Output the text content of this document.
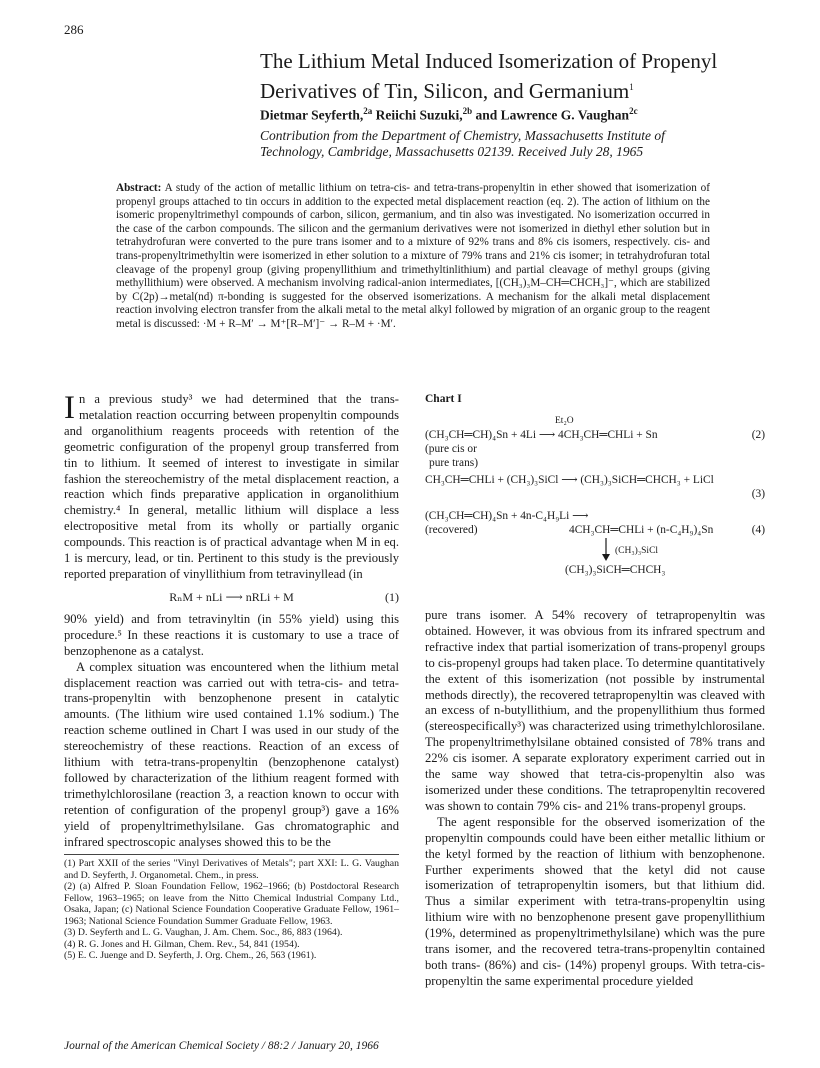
286
The Lithium Metal Induced Isomerization of Propenyl Derivatives of Tin, Silicon, and Germanium$^1$
Dietmar Seyferth,$^{2a}$ Reiichi Suzuki,$^{2b}$ and Lawrence G. Vaughan$^{2c}$
Contribution from the Department of Chemistry, Massachusetts Institute of
Technology, Cambridge, Massachusetts 02139. Received July 28, 1965

Abstract: A study of the action of metallic lithium on tetra-cis- and tetra-trans-propenyltin in ether showed that isomerization of propenyl groups attached to tin occurs in addition to the expected metal displacement reaction (eq. 2). The action of lithium on the isomeric propenyltrimethyl compounds of carbon, silicon, germanium, and tin also was investigated. No isomerization occurred in the case of the carbon compounds. The silicon and the germanium derivatives were not isomerized in diethyl ether solution but in tetrahydrofuran were converted to the pure trans isomer and to a mixture of 92% trans and 8% cis isomers, respectively. cis- and trans-propenyltrimethyltin were isomerized in ether solution to a mixture of 79% trans and 21% cis isomer; in tetrahydrofuran total cleavage of the propenyl group (giving propenyllithium and trimethyltinlithium) and partial cleavage of methyl groups (giving methyllithium) were observed. A mechanism involving radical-anion intermediates, [(CH₃)₃M–CH═CHCH₃]⁻, which are stabilized by C(2p)→metal(nd) π-bonding is suggested for the observed isomerizations. A mechanism for the alkali metal displacement reaction involving electron transfer from the alkali metal to the metal alkyl followed by migration of an organic group to the reagent metal is discussed: ·M + R–M′ → M⁺[R–M′]⁻ → R–M + ·M′.

In a previous study³ we had determined that the trans-metalation reaction occurring between propenyltin compounds and organolithium reagents proceeds with retention of the geometric configuration of the propenyl group transferred from tin to lithium. It seemed of interest to investigate in similar fashion the stereochemistry of the metal displacement reaction, a reaction which finds preparative application in organolithium chemistry.⁴ In general, metallic lithium will displace a less electropositive metal from its wholly or partially organic compounds. This reaction is of practical advantage when M in eq. 1 is mercury, lead, or tin. Pertinent to this study is the previously reported preparation of vinyllithium from tetravinyllead (in

RₙM + nLi ⟶ nRLi + M	(1)

90% yield) and from tetravinyltin (in 55% yield) using this procedure.⁵ In these reactions it is customary to use a trace of benzophenone as a catalyst.

A complex situation was encountered when the lithium metal displacement reaction was carried out with tetra-cis- and tetra-trans-propenyltin with benzophenone present in catalytic amounts. (The lithium wire used contained 1.1% sodium.) The reaction scheme outlined in Chart I was used in our study of the stereochemistry of these reactions. Reaction of an excess of lithium with tetra-trans-propenyltin (benzophenone catalyst) followed by characterization of the lithium reagent formed with trimethylchlorosilane (reaction 3, a reaction known to occur with retention of configuration of the propenyl group³) gave a 16% yield of propenyltrimethylsilane. Gas chromatographic and infrared spectroscopic analyses showed this to be the

(1) Part XXII of the series "Vinyl Derivatives of Metals"; part XXI: L. G. Vaughan and D. Seyferth, J. Organometal. Chem., in press.
(2) (a) Alfred P. Sloan Foundation Fellow, 1962–1966; (b) Postdoctoral Research Fellow, 1963–1965; on leave from the Nitto Chemical Industrial Company Ltd., Osaka, Japan; (c) National Science Foundation Cooperative Graduate Fellow, 1961–1963; National Science Foundation Summer Graduate Fellow, 1963.
(3) D. Seyferth and L. G. Vaughan, J. Am. Chem. Soc., 86, 883 (1964).
(4) R. G. Jones and H. Gilman, Chem. Rev., 54, 841 (1954).
(5) E. C. Juenge and D. Seyferth, J. Org. Chem., 26, 563 (1961).
Chart I
Et₂O
(CH₃CH═CH)₄Sn + 4Li ⟶ 4CH₃CH═CHLi + Sn	(2)
(pure cis or
pure trans)
CH₃CH═CHLi + (CH₃)₃SiCl ⟶ (CH₃)₃SiCH═CHCH₃ + LiCl
(3)
(CH₃CH═CH)₄Sn + 4n-C₄H₉Li ⟶
(recovered)	4CH₃CH═CHLi + (n-C₄H₉)₄Sn	(4)
(CH₃)₃SiCl
(CH₃)₃SiCH═CHCH₃

pure trans isomer. A 54% recovery of tetrapropenyltin was obtained. However, it was obvious from its infrared spectrum and refractive index that partial isomerization of trans-propenyl groups to cis-propenyl groups had taken place. To determine quantitatively the extent of this isomerization (not possible by instrumental methods directly), the recovered tetrapropenyltin was cleaved with an excess of n-butyllithium, and the propenyllithium thus formed (stereospecifically³) was characterized using trimethylchlorosilane. The propenyltrimethylsilane obtained consisted of 78% trans and 22% cis isomer. A separate exploratory experiment carried out in the same way showed that tetra-cis-propenyltin also was isomerized under these conditions. The tetrapropenyltin recovered was shown to contain 79% cis- and 21% trans-propenyl groups.

The agent responsible for the observed isomerization of the propenyltin compounds could have been either metallic lithium or the ketyl formed by the reaction of lithium with benzophenone. Further experiments showed that the ketyl did not cause isomerization of tetrapropenyltin isomers, but that lithium did. Thus a similar experiment with tetra-trans-propenyltin using lithium wire with no benzophenone present gave propenyllithium (19%, determined as propenyltrimethylsilane) which was the pure trans isomer, and the recovered tetra-trans-propenyltin contained both trans- (86%) and cis- (14%) propenyl groups. With tetra-cis-propenyltin the same experimental procedure yielded

Journal of the American Chemical Society / 88:2 / January 20, 1966
